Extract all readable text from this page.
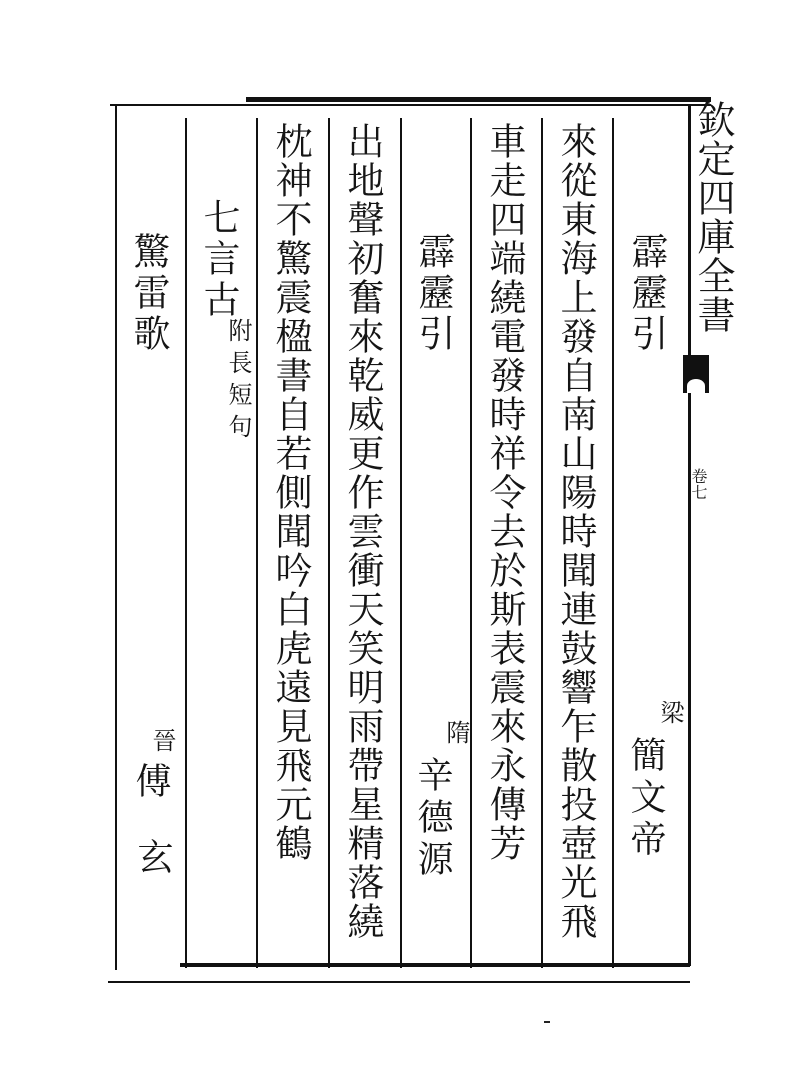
欽定四庫全書
卷七
霹靂引
梁
簡文帝
來從東海上發自南山陽時聞連鼓響乍散投壺光飛
車走四端繞電發時祥令去於斯表震來永傳芳
霹靂引
隋
辛德源
出地聲初奮來乾威更作雲衝天笑明雨帶星精落繞
枕神不驚震楹書自若側聞吟白虎遠見飛元鶴
七言古
附長短句
驚雷歌
晉
傅
玄
